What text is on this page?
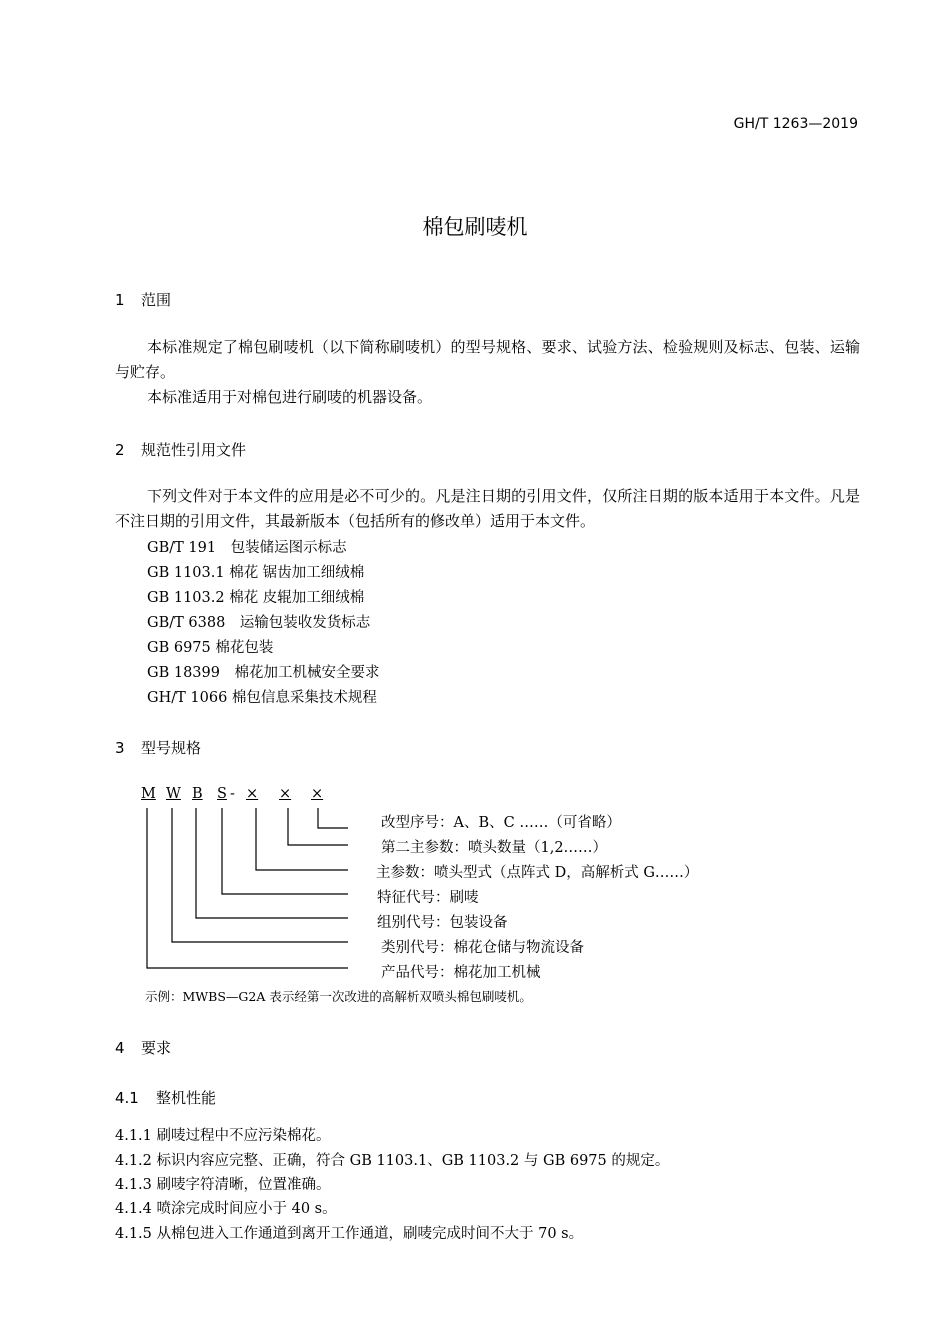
GH/T 1263—2019
棉包刷唛机
1 范围
本标准规定了棉包刷唛机（以下简称刷唛机）的型号规格、要求、试验方法、检验规则及标志、包装、运输与贮存。
本标准适用于对棉包进行刷唛的机器设备。
2 规范性引用文件
下列文件对于本文件的应用是必不可少的。凡是注日期的引用文件，仅所注日期的版本适用于本文件。凡是不注日期的引用文件，其最新版本（包括所有的修改单）适用于本文件。
GB/T 191　包装储运图示标志
GB 1103.1 棉花 锯齿加工细绒棉
GB 1103.2 棉花 皮辊加工细绒棉
GB/T 6388　运输包装收发货标志
GB 6975 棉花包装
GB 18399　棉花加工机械安全要求
GH/T 1066 棉包信息采集技术规程
3 型号规格
M W B S - × × ×
改型序号：A、B、C ……（可省略）
第二主参数：喷头数量（1,2……）
主参数：喷头型式（点阵式 D，高解析式 G……）
特征代号：刷唛
组别代号：包装设备
类别代号：棉花仓储与物流设备
产品代号：棉花加工机械
示例：MWBS—G2A 表示经第一次改进的高解析双喷头棉包刷唛机。
4 要求
4.1 整机性能
4.1.1 刷唛过程中不应污染棉花。
4.1.2 标识内容应完整、正确，符合 GB 1103.1、GB 1103.2 与 GB 6975 的规定。
4.1.3 刷唛字符清晰，位置准确。
4.1.4 喷涂完成时间应小于 40 s。
4.1.5 从棉包进入工作通道到离开工作通道，刷唛完成时间不大于 70 s。
